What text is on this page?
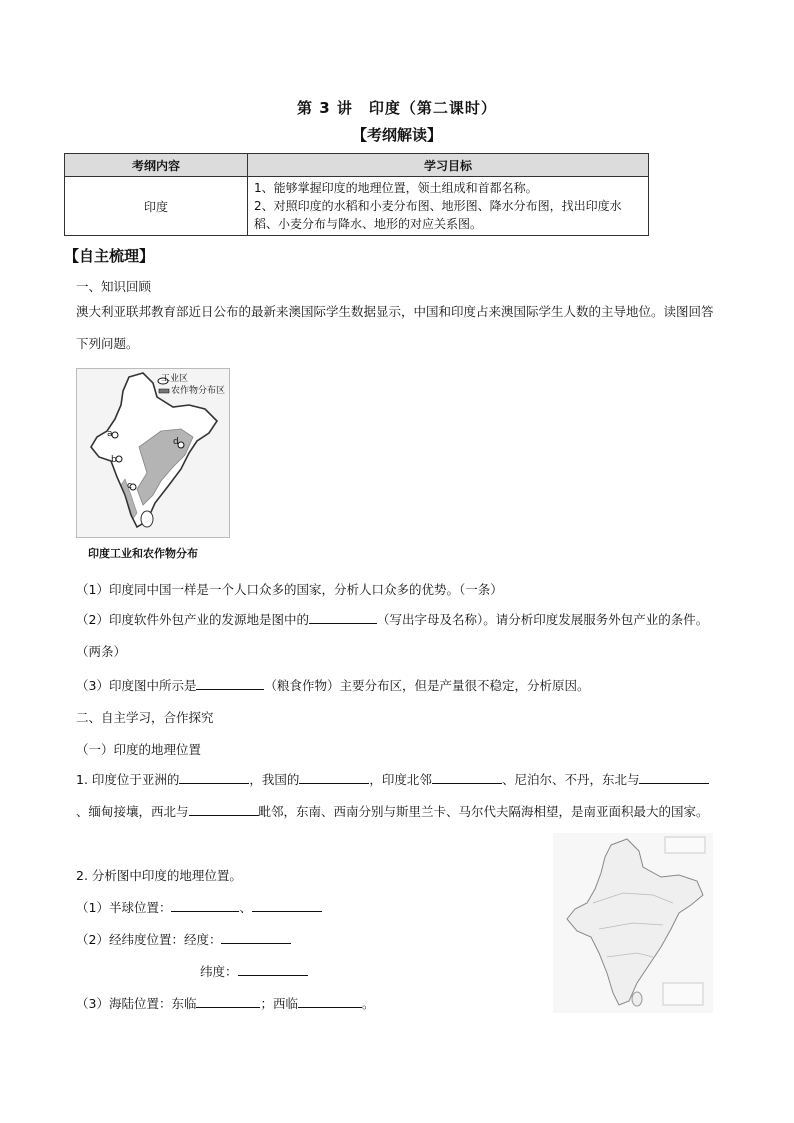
第 3 讲　印度（第二课时）
【考纲解读】
考纲内容	学习目标
印度	1、能够掌握印度的地理位置，领土组成和首都名称。
2、对照印度的水稻和小麦分布图、地形图、降水分布图，找出印度水稻、小麦分布与降水、地形的对应关系图。
【自主梳理】
一、知识回顾
澳大利亚联邦教育部近日公布的最新来澳国际学生数据显示，中国和印度占来澳国际学生人数的主导地位。读图回答下列问题。
工业区
农作物分布区
a
b
c
d
印度工业和农作物分布
（1）印度同中国一样是一个人口众多的国家，分析人口众多的优势。（一条）
（2）印度软件外包产业的发源地是图中的	（写出字母及名称）。请分析印度发展服务外包产业的条件。（两条）
（3）印度图中所示是	（粮食作物）主要分布区，但是产量很不稳定，分析原因。
二、自主学习，合作探究
（一）印度的地理位置
1. 印度位于亚洲的	，我国的	，印度北邻	、尼泊尔、不丹，东北与、缅甸接壤，西北与	毗邻，东南、西南分别与斯里兰卡、马尔代夫隔海相望，是南亚面积最大的国家。
2. 分析图中印度的地理位置。
（1）半球位置：	、
（2）经纬度位置：经度：
纬度：
（3）海陆位置：东临	；西临	。
